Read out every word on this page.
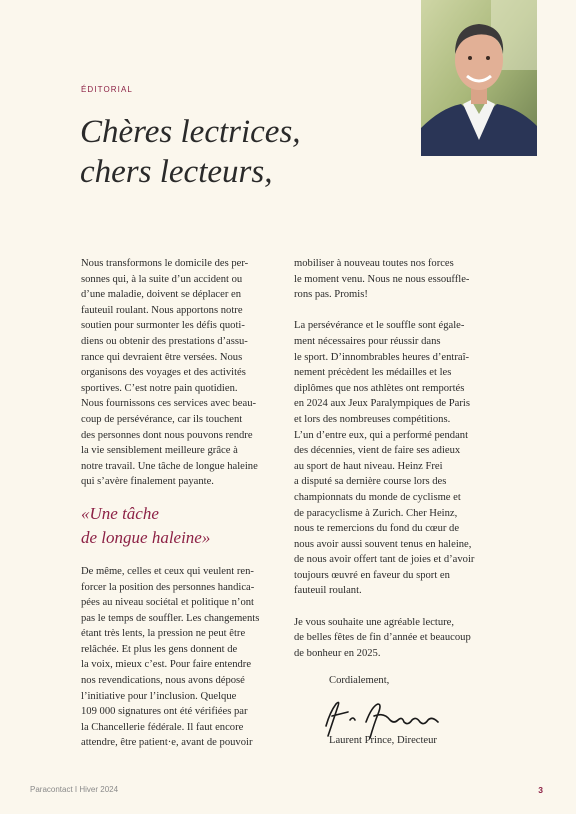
ÉDITORIAL
Chères lectrices,
chers lecteurs,

Nous transformons le domicile des per-
sonnes qui, à la suite d’un accident ou
d’une maladie, doivent se déplacer en
fauteuil roulant. Nous apportons notre
soutien pour surmonter les défis quoti-
diens ou obtenir des prestations d’assu-
rance qui devraient être versées. Nous
organisons des voyages et des activités
sportives. C’est notre pain quotidien.
Nous fournissons ces services avec beau-
coup de persévérance, car ils touchent
des personnes dont nous pouvons rendre
la vie sensiblement meilleure grâce à
notre travail. Une tâche de longue haleine
qui s’avère finalement payante.

«Une tâche
de longue haleine»

De même, celles et ceux qui veulent ren-
forcer la position des personnes handica-
pées au niveau sociétal et politique n’ont
pas le temps de souffler. Les changements
étant très lents, la pression ne peut être
relâchée. Et plus les gens donnent de
la voix, mieux c’est. Pour faire entendre
nos revendications, nous avons déposé
l’initiative pour l’inclusion. Quelque
109 000 signatures ont été vérifiées par
la Chancellerie fédérale. Il faut encore
attendre, être patient·e, avant de pouvoir

mobiliser à nouveau toutes nos forces
le moment venu. Nous ne nous essouffle-
rons pas. Promis!

La persévérance et le souffle sont égale-
ment nécessaires pour réussir dans
le sport. D’innombrables heures d’entraî-
nement précèdent les médailles et les
diplômes que nos athlètes ont remportés
en 2024 aux Jeux Paralympiques de Paris
et lors des nombreuses compétitions.
L’un d’entre eux, qui a performé pendant
des décennies, vient de faire ses adieux
au sport de haut niveau. Heinz Frei
a disputé sa dernière course lors des
championnats du monde de cyclisme et
de paracyclisme à Zurich. Cher Heinz,
nous te remercions du fond du cœur de
nous avoir aussi souvent tenus en haleine,
de nous avoir offert tant de joies et d’avoir
toujours œuvré en faveur du sport en
fauteuil roulant.

Je vous souhaite une agréable lecture,
de belles fêtes de fin d’année et beaucoup
de bonheur en 2025.

Cordialement,
Laurent Prince, Directeur
Paracontact I Hiver 2024	3
